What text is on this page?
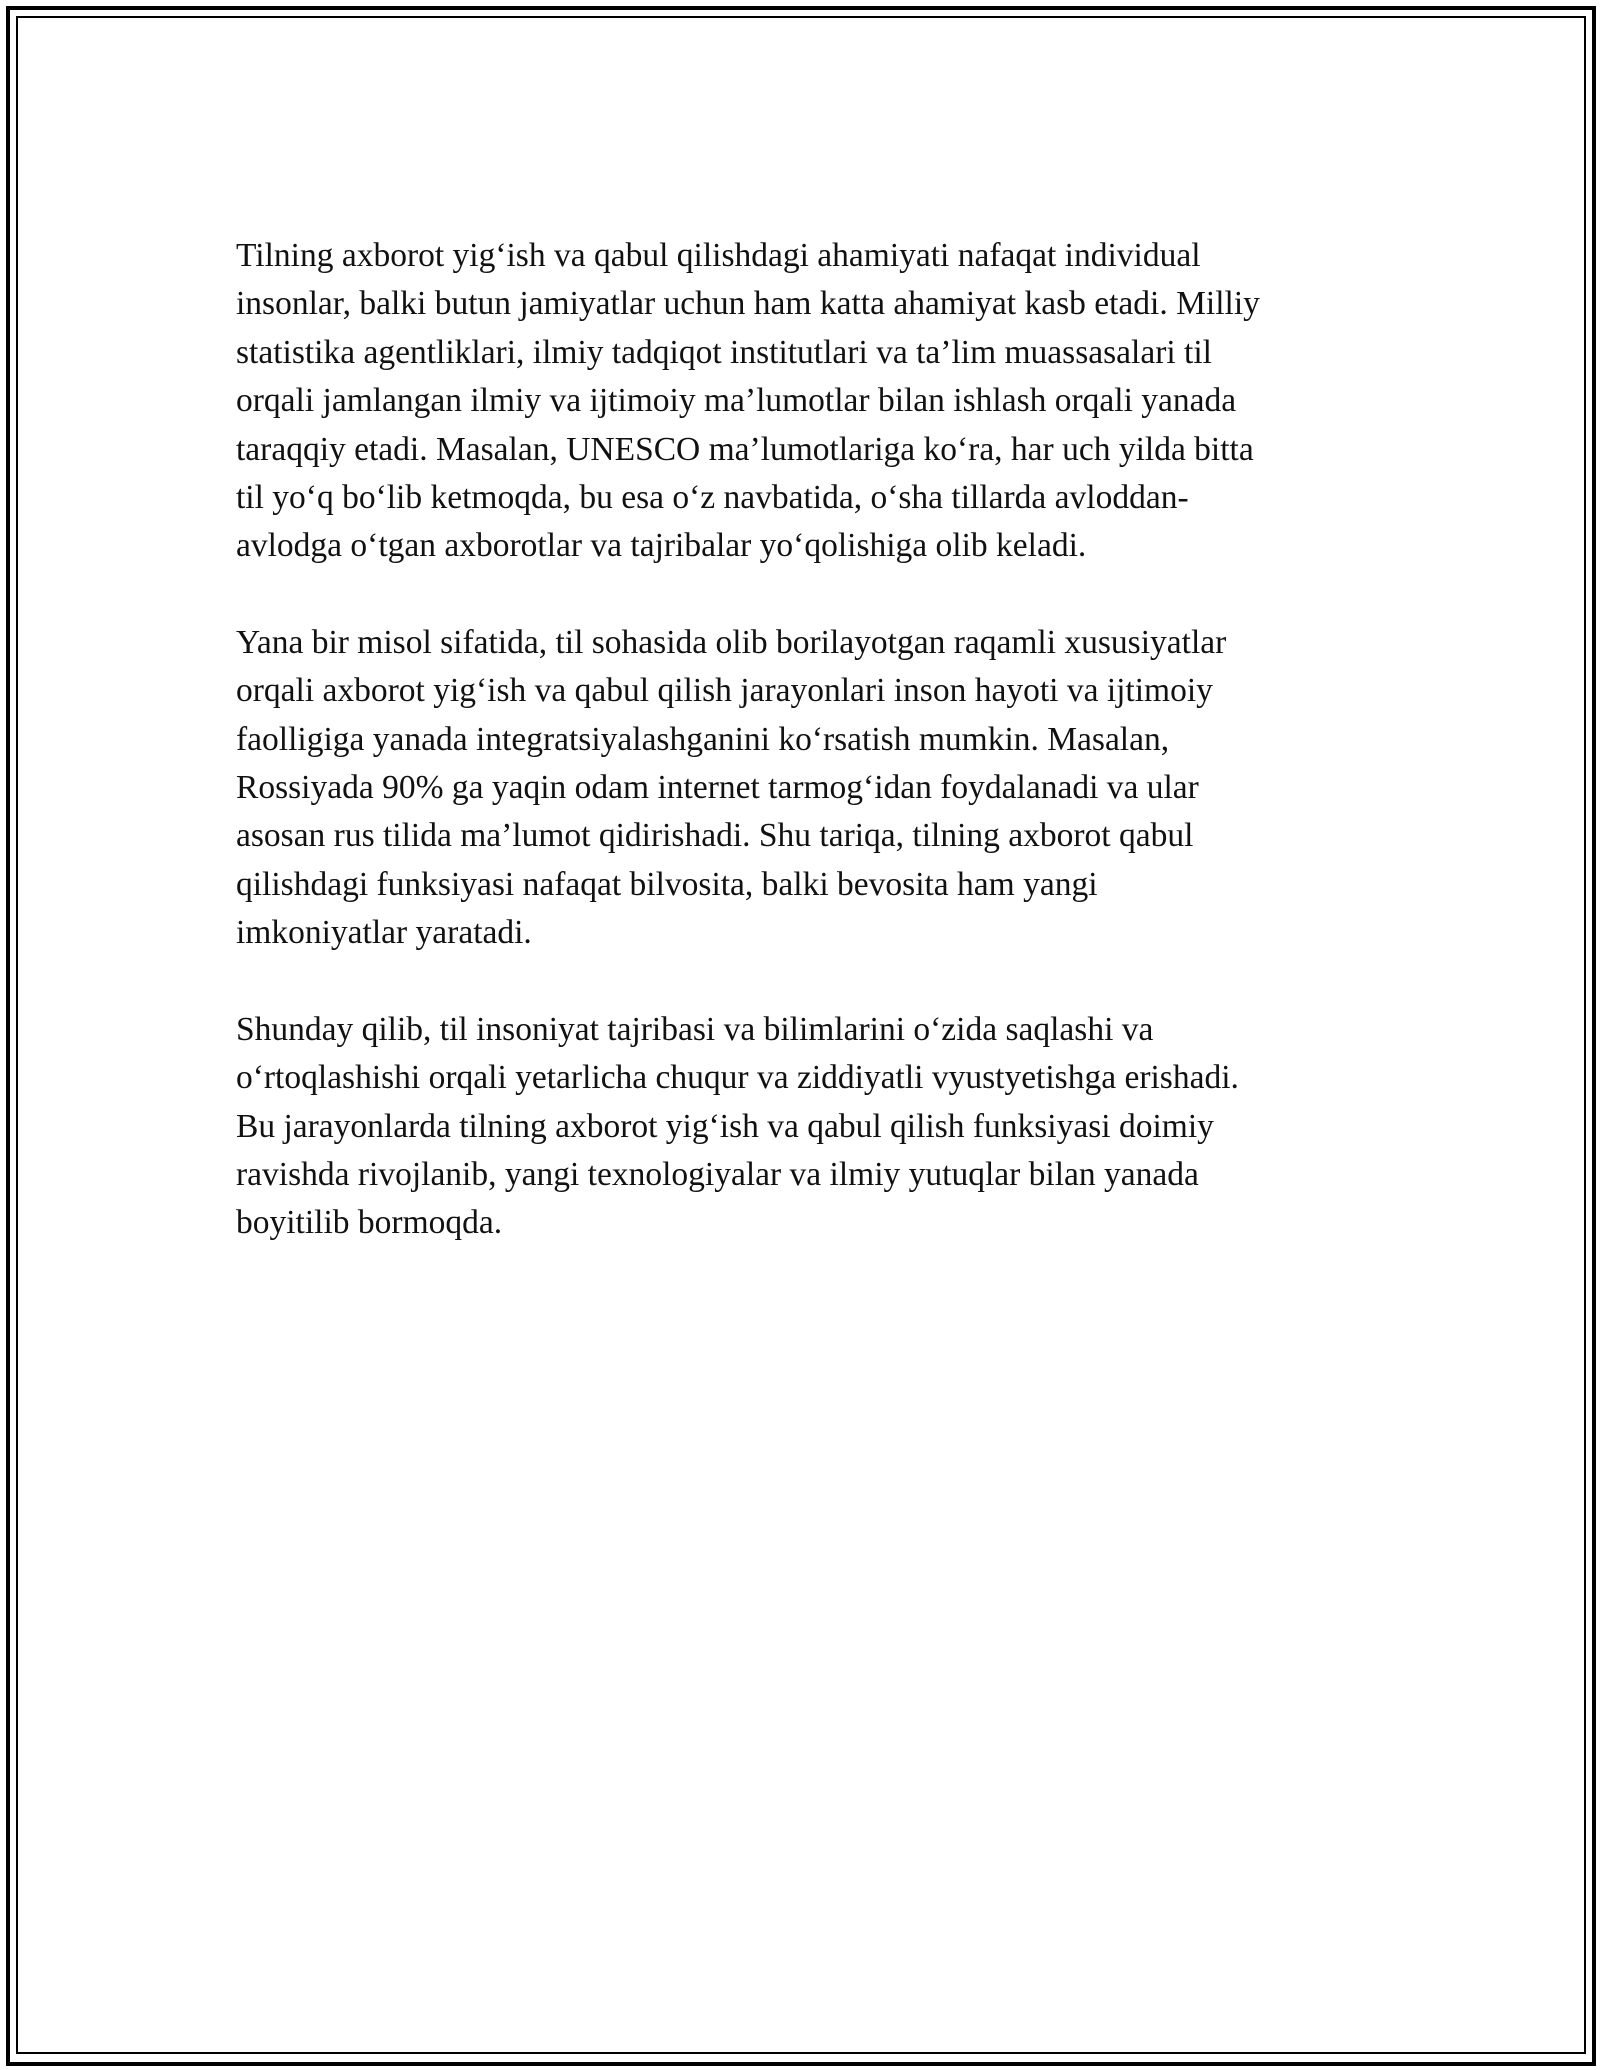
Tilning axborot yig‘ish va qabul qilishdagi ahamiyati nafaqat individual
insonlar, balki butun jamiyatlar uchun ham katta ahamiyat kasb etadi. Milliy
statistika agentliklari, ilmiy tadqiqot institutlari va ta’lim muassasalari til
orqali jamlangan ilmiy va ijtimoiy ma’lumotlar bilan ishlash orqali yanada
taraqqiy etadi. Masalan, UNESCO ma’lumotlariga ko‘ra, har uch yilda bitta
til yo‘q bo‘lib ketmoqda, bu esa o‘z navbatida, o‘sha tillarda avloddan-
avlodga o‘tgan axborotlar va tajribalar yo‘qolishiga olib keladi.

Yana bir misol sifatida, til sohasida olib borilayotgan raqamli xususiyatlar
orqali axborot yig‘ish va qabul qilish jarayonlari inson hayoti va ijtimoiy
faolligiga yanada integratsiyalashganini ko‘rsatish mumkin. Masalan,
Rossiyada 90% ga yaqin odam internet tarmog‘idan foydalanadi va ular
asosan rus tilida ma’lumot qidirishadi. Shu tariqa, tilning axborot qabul
qilishdagi funksiyasi nafaqat bilvosita, balki bevosita ham yangi
imkoniyatlar yaratadi.

Shunday qilib, til insoniyat tajribasi va bilimlarini o‘zida saqlashi va
o‘rtoqlashishi orqali yetarlicha chuqur va ziddiyatli vyustyetishga erishadi.
Bu jarayonlarda tilning axborot yig‘ish va qabul qilish funksiyasi doimiy
ravishda rivojlanib, yangi texnologiyalar va ilmiy yutuqlar bilan yanada
boyitilib bormoqda.
